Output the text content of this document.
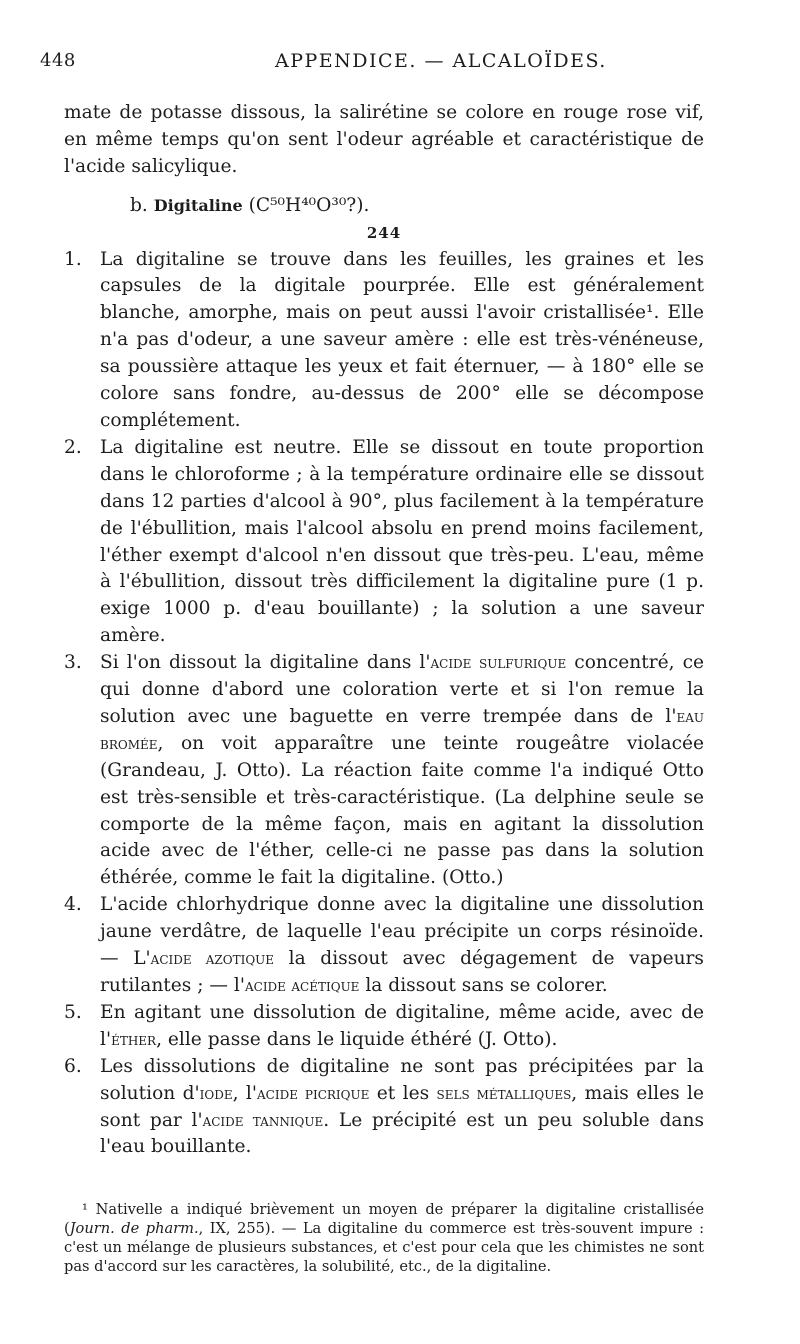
448	APPENDICE. — ALCALOÏDES.

mate de potasse dissous, la salirétine se colore en rouge rose vif, en même temps qu'on sent l'odeur agréable et caractéristique de l'acide salicylique.

b. Digitaline (C⁵⁰H⁴⁰O³⁰?).

244

1. La digitaline se trouve dans les feuilles, les graines et les capsules de la digitale pourprée. Elle est généralement blanche, amorphe, mais on peut aussi l'avoir cristallisée¹. Elle n'a pas d'odeur, a une saveur amère : elle est très-vénéneuse, sa poussière attaque les yeux et fait éternuer, — à 180° elle se colore sans fondre, au-dessus de 200° elle se décompose complétement.

2. La digitaline est neutre. Elle se dissout en toute proportion dans le chloroforme ; à la température ordinaire elle se dissout dans 12 parties d'alcool à 90°, plus facilement à la température de l'ébullition, mais l'alcool absolu en prend moins facilement, l'éther exempt d'alcool n'en dissout que très-peu. L'eau, même à l'ébullition, dissout très difficilement la digitaline pure (1 p. exige 1000 p. d'eau bouillante) ; la solution a une saveur amère.

3. Si l'on dissout la digitaline dans l'acide sulfurique concentré, ce qui donne d'abord une coloration verte et si l'on remue la solution avec une baguette en verre trempée dans de l'eau bromée, on voit apparaître une teinte rougeâtre violacée (Grandeau, J. Otto). La réaction faite comme l'a indiqué Otto est très-sensible et très-caractéristique. (La delphine seule se comporte de la même façon, mais en agitant la dissolution acide avec de l'éther, celle-ci ne passe pas dans la solution éthérée, comme le fait la digitaline. (Otto.)

4. L'acide chlorhydrique donne avec la digitaline une dissolution jaune verdâtre, de laquelle l'eau précipite un corps résinoïde. — L'acide azotique la dissout avec dégagement de vapeurs rutilantes ; — l'acide acétique la dissout sans se colorer.

5. En agitant une dissolution de digitaline, même acide, avec de l'éther, elle passe dans le liquide éthéré (J. Otto).

6. Les dissolutions de digitaline ne sont pas précipitées par la solution d'iode, l'acide picrique et les sels métalliques, mais elles le sont par l'acide tannique. Le précipité est un peu soluble dans l'eau bouillante.

¹ Nativelle a indiqué brièvement un moyen de préparer la digitaline cristallisée (Journ. de pharm., IX, 255). — La digitaline du commerce est très-souvent impure : c'est un mélange de plusieurs substances, et c'est pour cela que les chimistes ne sont pas d'accord sur les caractères, la solubilité, etc., de la digitaline.
